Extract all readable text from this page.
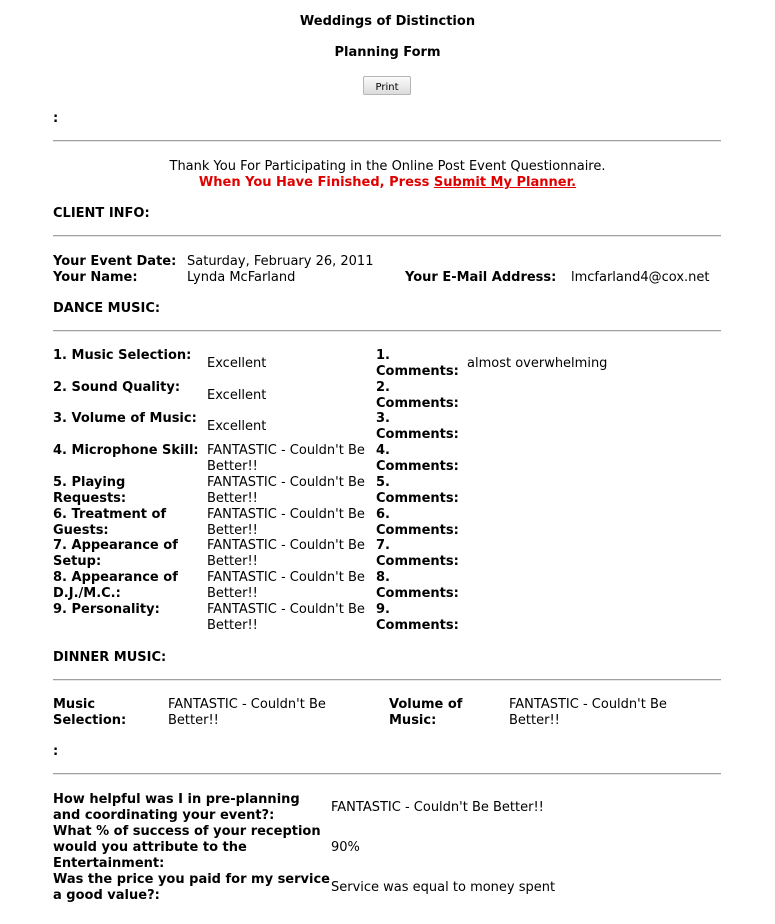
Weddings of Distinction
Planning Form
Print
:
Thank You For Participating in the Online Post Event Questionnaire.
When You Have Finished, Press Submit My Planner.
CLIENT INFO:
Your Event Date: Saturday, February 26, 2011
Your Name:	Lynda McFarland	Your E-Mail Address: lmcfarland4@cox.net
DANCE MUSIC:
1. Music Selection:
Excellent
1. Comments:
almost overwhelming
2. Sound Quality:
Excellent
2. Comments:
3. Volume of Music:
Excellent
3. Comments:
4. Microphone Skill: FANTASTIC - Couldn't Be Better!!
4. Comments:
5. Playing Requests:
FANTASTIC - Couldn't Be Better!!
5. Comments:
6. Treatment of Guests:
FANTASTIC - Couldn't Be Better!!
6. Comments:
7. Appearance of Setup:
FANTASTIC - Couldn't Be Better!!
7. Comments:
8. Appearance of D.J./M.C.:
FANTASTIC - Couldn't Be Better!!
8. Comments:
9. Personality:	FANTASTIC - Couldn't Be Better!!
9. Comments:
DINNER MUSIC:
Music Selection:
FANTASTIC - Couldn't Be Better!!
Volume of Music:
FANTASTIC - Couldn't Be Better!!
:
How helpful was I in pre-planning and coordinating your event?:
FANTASTIC - Couldn't Be Better!!
What % of success of your reception would you attribute to the Entertainment:
90%
Was the price you paid for my service a good value?:
Service was equal to money spent
